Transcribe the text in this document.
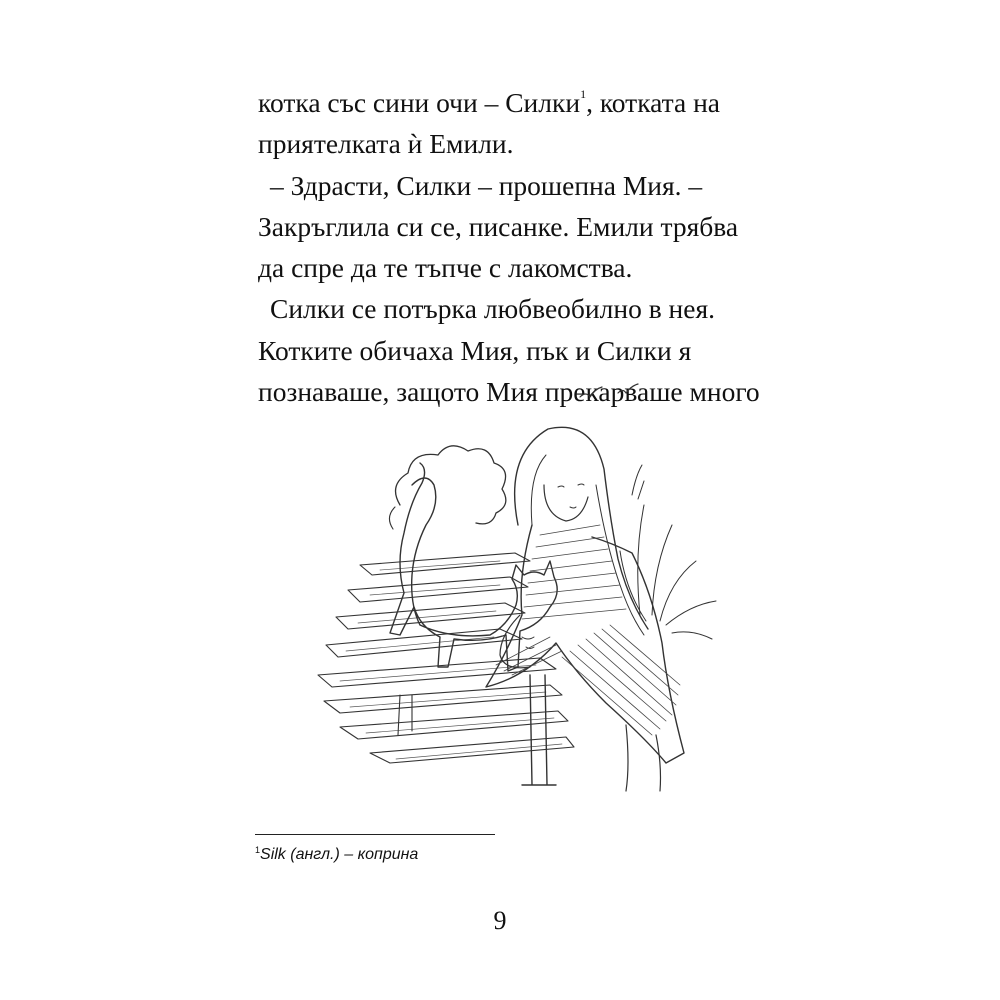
котка със сини очи – Силки$^1$, котката на
приятелката ѝ Емили.
– Здрасти, Силки – прошепна Мия. –
Закръглила си се, писанке. Емили трябва
да спре да те тъпче с лакомства.
Силки се потъркa любвеобилно в нея.
Котките обичаха Мия, пък и Силки я
познаваше, защото Мия прекарваше много
$^1$Silk (англ.) – коприна
9
